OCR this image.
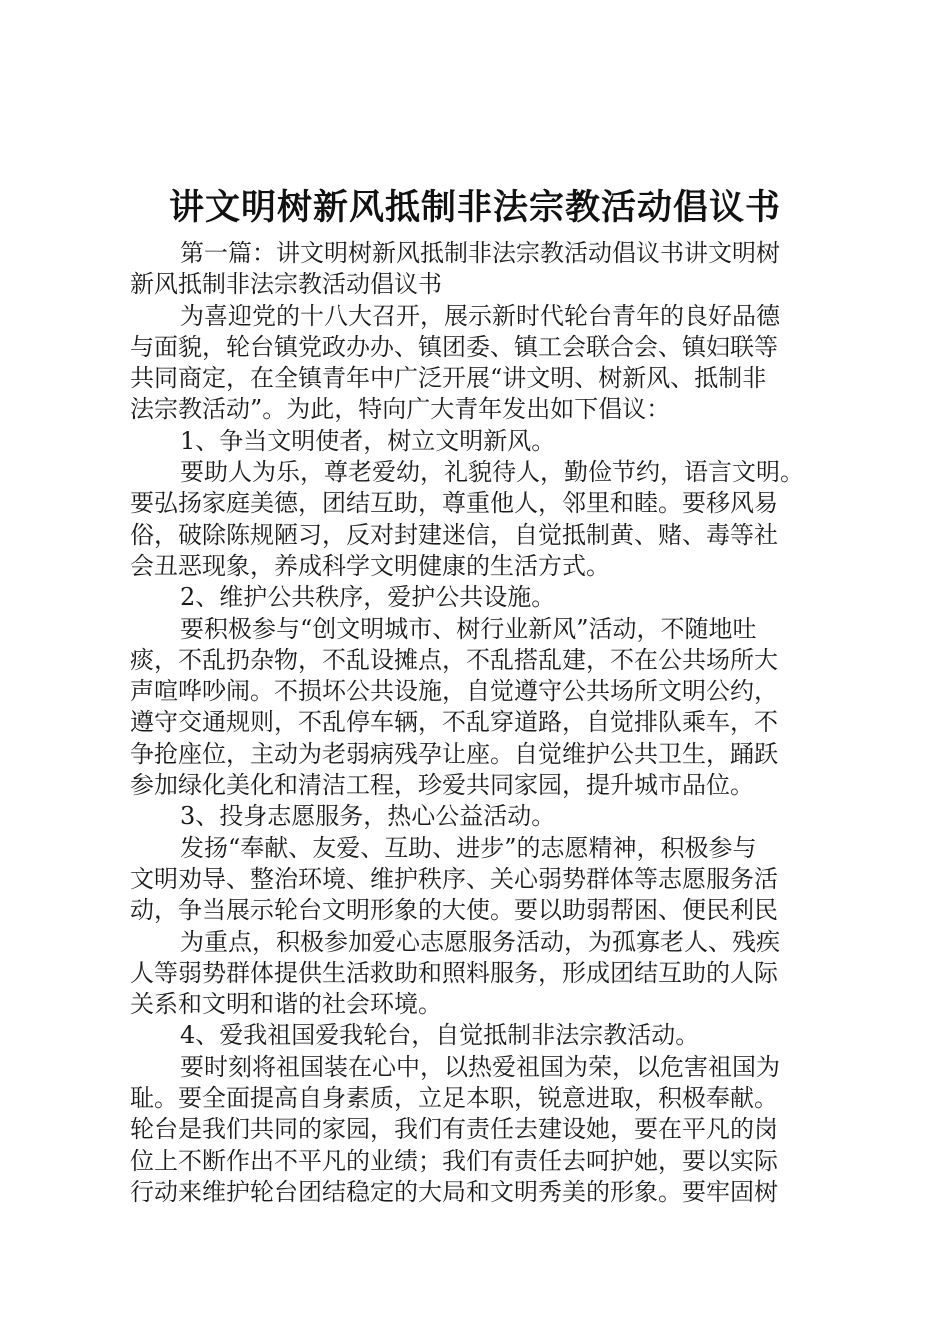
讲文明树新风抵制非法宗教活动倡议书
第一篇：讲文明树新风抵制非法宗教活动倡议书讲文明树
新风抵制非法宗教活动倡议书
为喜迎党的十八大召开，展示新时代轮台青年的良好品德
与面貌，轮台镇党政办办、镇团委、镇工会联合会、镇妇联等
共同商定，在全镇青年中广泛开展“讲文明、树新风、抵制非
法宗教活动”。为此，特向广大青年发出如下倡议：
1、争当文明使者，树立文明新风。
要助人为乐，尊老爱幼，礼貌待人，勤俭节约，语言文明。
要弘扬家庭美德，团结互助，尊重他人，邻里和睦。要移风易
俗，破除陈规陋习，反对封建迷信，自觉抵制黄、赌、毒等社
会丑恶现象，养成科学文明健康的生活方式。
2、维护公共秩序，爱护公共设施。
要积极参与“创文明城市、树行业新风”活动，不随地吐
痰，不乱扔杂物，不乱设摊点，不乱搭乱建，不在公共场所大
声喧哗吵闹。不损坏公共设施，自觉遵守公共场所文明公约，
遵守交通规则，不乱停车辆，不乱穿道路，自觉排队乘车，不
争抢座位，主动为老弱病残孕让座。自觉维护公共卫生，踊跃
参加绿化美化和清洁工程，珍爱共同家园，提升城市品位。
3、投身志愿服务，热心公益活动。
发扬“奉献、友爱、互助、进步”的志愿精神，积极参与
文明劝导、整治环境、维护秩序、关心弱势群体等志愿服务活
动，争当展示轮台文明形象的大使。要以助弱帮困、便民利民
为重点，积极参加爱心志愿服务活动，为孤寡老人、残疾
人等弱势群体提供生活救助和照料服务，形成团结互助的人际
关系和文明和谐的社会环境。
4、爱我祖国爱我轮台，自觉抵制非法宗教活动。
要时刻将祖国装在心中，以热爱祖国为荣，以危害祖国为
耻。要全面提高自身素质，立足本职，锐意进取，积极奉献。
轮台是我们共同的家园，我们有责任去建设她，要在平凡的岗
位上不断作出不平凡的业绩；我们有责任去呵护她，要以实际
行动来维护轮台团结稳定的大局和文明秀美的形象。要牢固树
